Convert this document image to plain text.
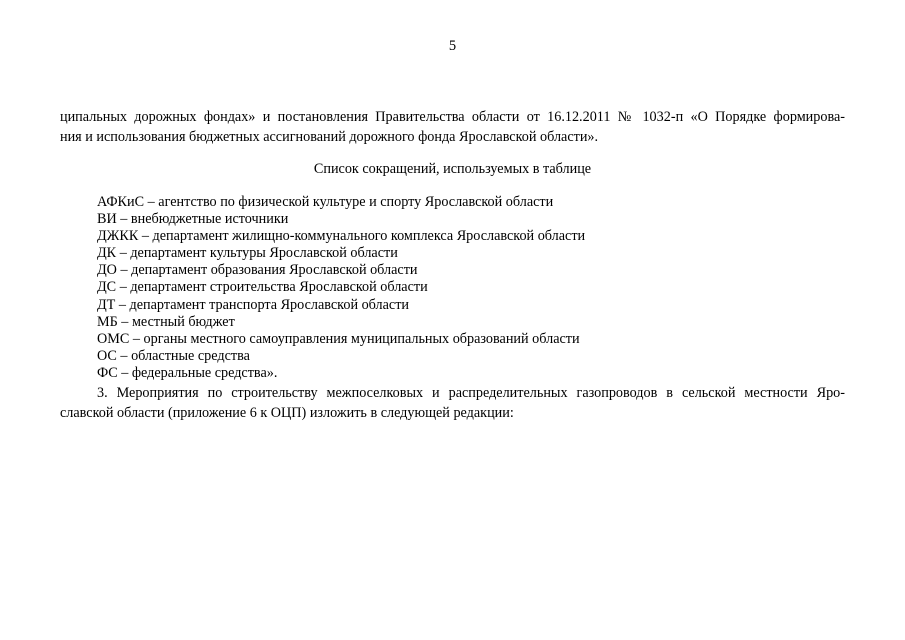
5
ципальных дорожных фондах» и постановления Правительства области от 16.12.2011 № 1032-п «О Порядке формирова-
ния и использования бюджетных ассигнований дорожного фонда Ярославской области».
Список сокращений, используемых в таблице
АФКиС – агентство по физической культуре и спорту Ярославской области
ВИ – внебюджетные источники
ДЖКК – департамент жилищно-коммунального комплекса Ярославской области
ДК – департамент культуры Ярославской области
ДО – департамент образования Ярославской области
ДС – департамент строительства Ярославской области
ДТ – департамент транспорта Ярославской области
МБ – местный бюджет
ОМС – органы местного самоуправления муниципальных образований области
ОС – областные средства
ФС – федеральные средства».
3. Мероприятия по строительству межпоселковых и распределительных газопроводов в сельской местности Яро-
славской области (приложение 6 к ОЦП) изложить в следующей редакции:
